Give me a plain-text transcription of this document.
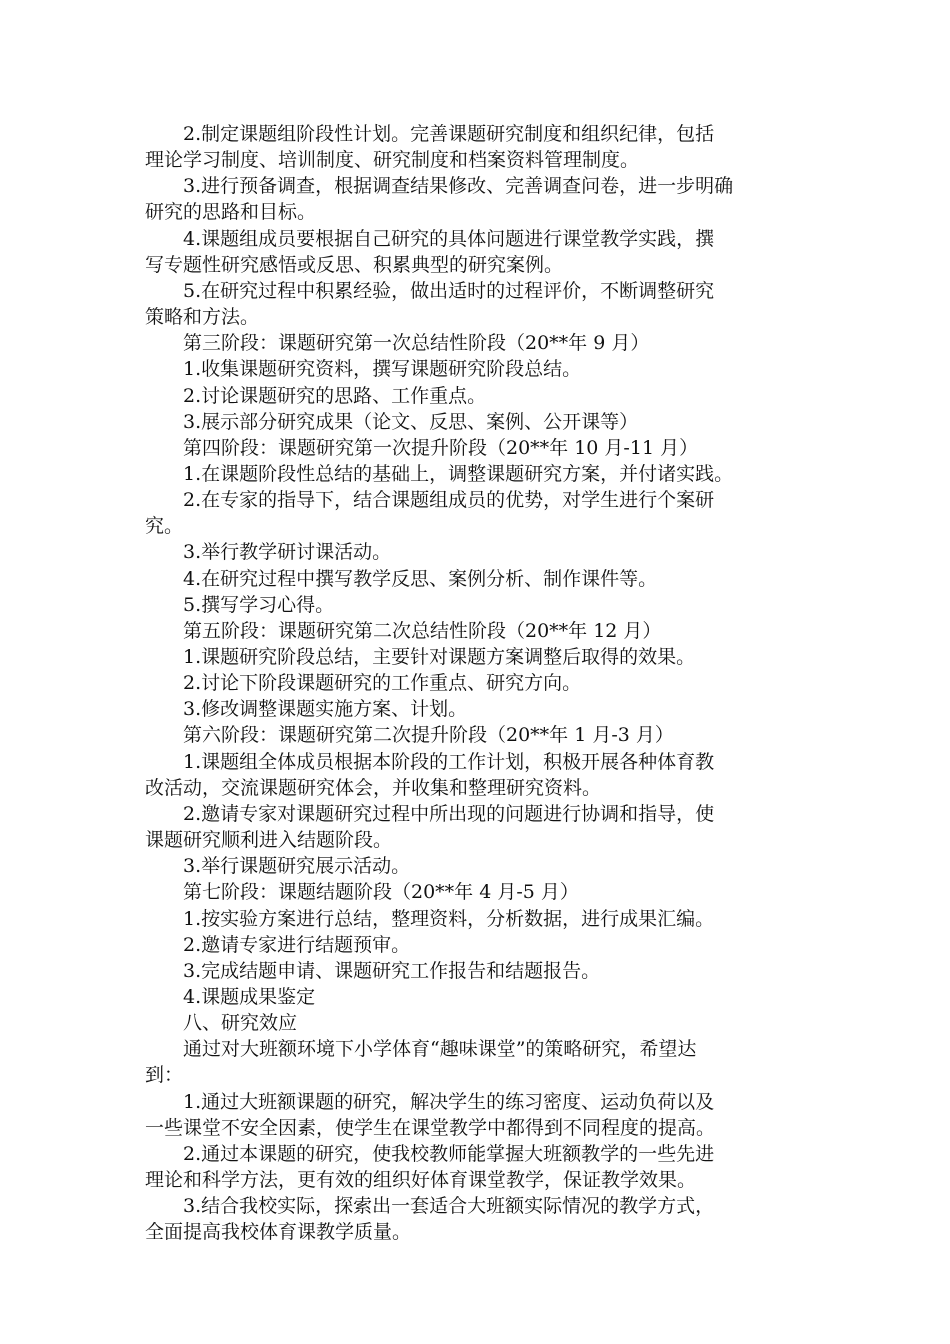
2.制定课题组阶段性计划。完善课题研究制度和组织纪律，包括
理论学习制度、培训制度、研究制度和档案资料管理制度。
3.进行预备调查，根据调查结果修改、完善调查问卷，进一步明确
研究的思路和目标。
4.课题组成员要根据自己研究的具体问题进行课堂教学实践，撰
写专题性研究感悟或反思、积累典型的研究案例。
5.在研究过程中积累经验，做出适时的过程评价，不断调整研究
策略和方法。
第三阶段：课题研究第一次总结性阶段（20**年 9 月）
1.收集课题研究资料，撰写课题研究阶段总结。
2.讨论课题研究的思路、工作重点。
3.展示部分研究成果（论文、反思、案例、公开课等）
第四阶段：课题研究第一次提升阶段（20**年 10 月-11 月）
1.在课题阶段性总结的基础上，调整课题研究方案，并付诸实践。
2.在专家的指导下，结合课题组成员的优势，对学生进行个案研
究。
3.举行教学研讨课活动。
4.在研究过程中撰写教学反思、案例分析、制作课件等。
5.撰写学习心得。
第五阶段：课题研究第二次总结性阶段（20**年 12 月）
1.课题研究阶段总结，主要针对课题方案调整后取得的效果。
2.讨论下阶段课题研究的工作重点、研究方向。
3.修改调整课题实施方案、计划。
第六阶段：课题研究第二次提升阶段（20**年 1 月-3 月）
1.课题组全体成员根据本阶段的工作计划，积极开展各种体育教
改活动，交流课题研究体会，并收集和整理研究资料。
2.邀请专家对课题研究过程中所出现的问题进行协调和指导，使
课题研究顺利进入结题阶段。
3.举行课题研究展示活动。
第七阶段：课题结题阶段（20**年 4 月-5 月）
1.按实验方案进行总结，整理资料，分析数据，进行成果汇编。
2.邀请专家进行结题预审。
3.完成结题申请、课题研究工作报告和结题报告。
4.课题成果鉴定
八、研究效应
通过对大班额环境下小学体育“趣味课堂”的策略研究，希望达
到：
1.通过大班额课题的研究，解决学生的练习密度、运动负荷以及
一些课堂不安全因素，使学生在课堂教学中都得到不同程度的提高。
2.通过本课题的研究，使我校教师能掌握大班额教学的一些先进
理论和科学方法，更有效的组织好体育课堂教学，保证教学效果。
3.结合我校实际，探索出一套适合大班额实际情况的教学方式，
全面提高我校体育课教学质量。
